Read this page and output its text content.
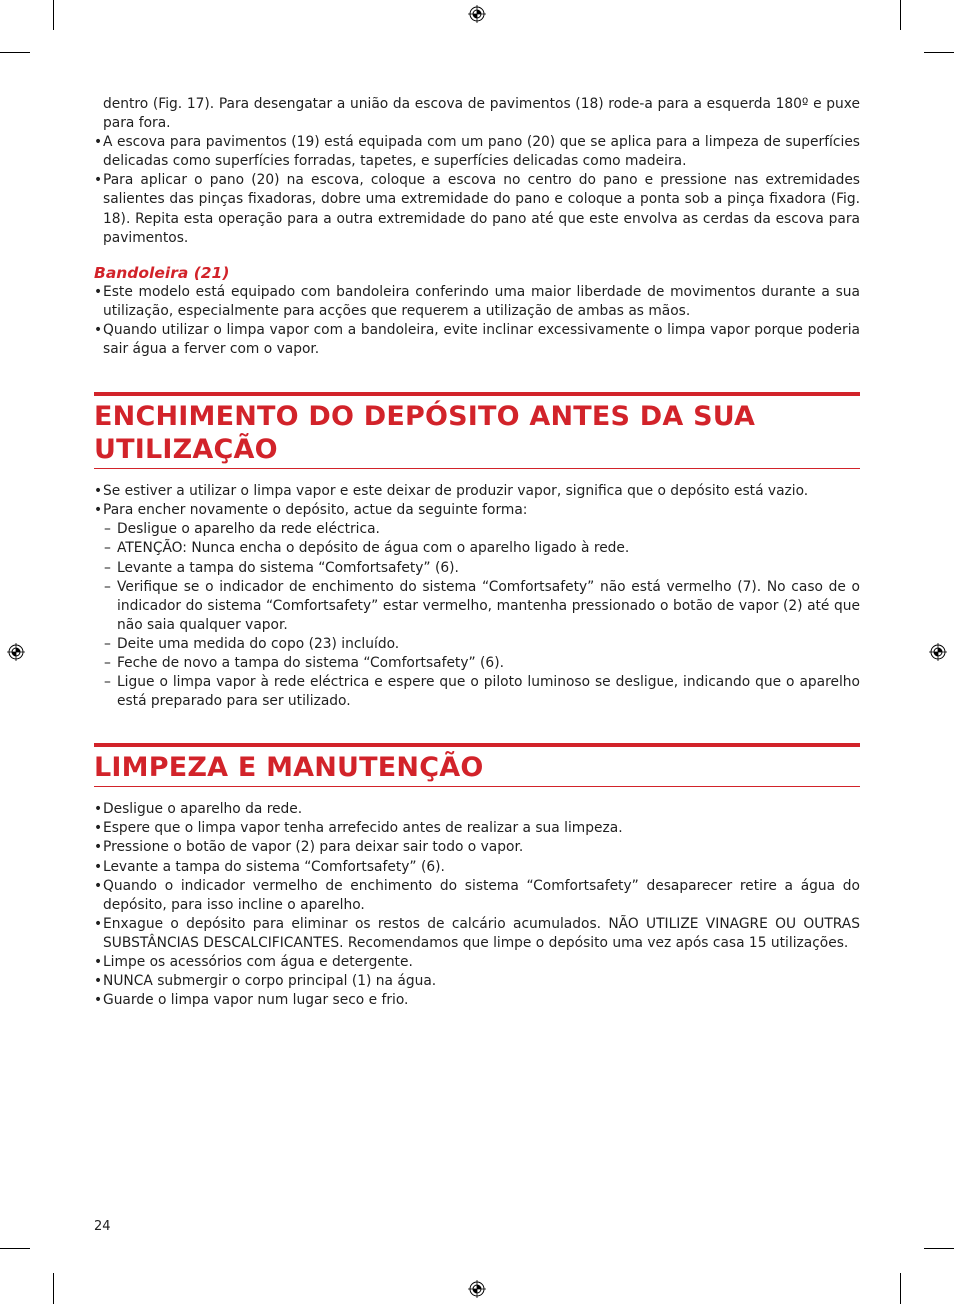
dentro (Fig. 17). Para desengatar a união da escova de pavimentos (18) rode-a para a esquerda 180º e puxe para fora.
• A escova para pavimentos (19) está equipada com um pano (20) que se aplica para a limpeza de superfícies delicadas como superfícies forradas, tapetes, e superfícies delicadas como madeira.
• Para aplicar o pano (20) na escova, coloque a escova no centro do pano e pressione nas extremidades salientes das pinças fixadoras, dobre uma extremidade do pano e coloque a ponta sob a pinça fixadora (Fig. 18). Repita esta operação para a outra extremidade do pano até que este envolva as cerdas da escova para pavimentos.
Bandoleira (21)
• Este modelo está equipado com bandoleira conferindo uma maior liberdade de movimentos durante a sua utilização, especialmente para acções que requerem a utilização de ambas as mãos.
• Quando utilizar o limpa vapor com a bandoleira, evite inclinar excessivamente o limpa vapor porque poderia sair água a ferver com o vapor.
ENCHIMENTO DO DEPÓSITO ANTES DA SUA
UTILIZAÇÃO
• Se estiver a utilizar o limpa vapor e este deixar de produzir vapor, significa que o depósito está vazio.
• Para encher novamente o depósito, actue da seguinte forma:
– Desligue o aparelho da rede eléctrica.
– ATENÇÃO: Nunca encha o depósito de água com o aparelho ligado à rede.
– Levante a tampa do sistema “Comfortsafety” (6).
– Verifique se o indicador de enchimento do sistema “Comfortsafety” não está vermelho (7). No caso de o indicador do sistema “Comfortsafety” estar vermelho, mantenha pressionado o botão de vapor (2) até que não saia qualquer vapor.
– Deite uma medida do copo (23) incluído.
– Feche de novo a tampa do sistema “Comfortsafety” (6).
– Ligue o limpa vapor à rede eléctrica e espere que o piloto luminoso se desligue, indicando que o aparelho está preparado para ser utilizado.
LIMPEZA E MANUTENÇÃO
• Desligue o aparelho da rede.
• Espere que o limpa vapor tenha arrefecido antes de realizar a sua limpeza.
• Pressione o botão de vapor (2) para deixar sair todo o vapor.
• Levante a tampa do sistema “Comfortsafety” (6).
• Quando o indicador vermelho de enchimento do sistema “Comfortsafety” desaparecer retire a água do depósito, para isso incline o aparelho.
• Enxague o depósito para eliminar os restos de calcário acumulados. NÃO UTILIZE VINAGRE OU OUTRAS SUBSTÂNCIAS DESCALCIFICANTES. Recomendamos que limpe o depósito uma vez após casa 15 utilizações.
• Limpe os acessórios com água e detergente.
• NUNCA submergir o corpo principal (1) na água.
• Guarde o limpa vapor num lugar seco e frio.
24
